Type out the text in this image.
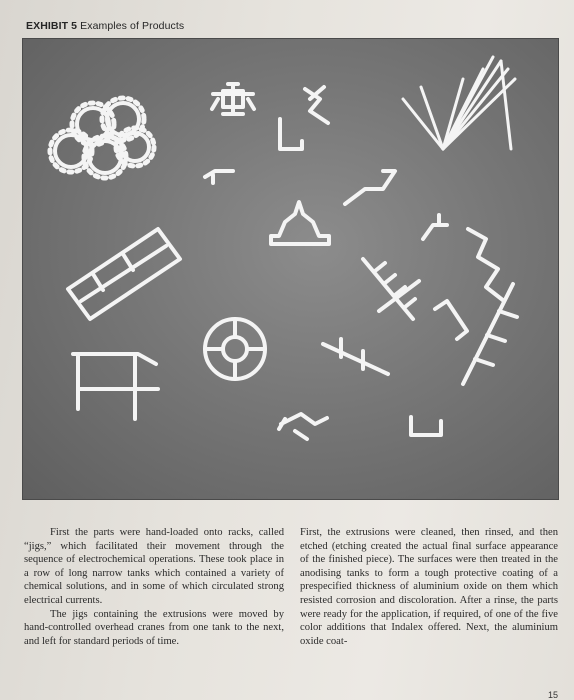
EXHIBIT 5 Examples of Products

First the parts were hand-loaded onto racks, called “jigs,” which facilitated their movement through the sequence of electrochemical operations. These took place in a row of long narrow tanks which contained a variety of chemical solutions, and in some of which circulated strong electrical currents.

The jigs containing the extrusions were moved by hand-controlled overhead cranes from one tank to the next, and left for standard periods of time.

First, the extrusions were cleaned, then rinsed, and then etched (etching created the actual final surface appearance of the finished piece). The surfaces were then treated in the anodising tanks to form a tough protective coating of a prespecified thickness of aluminium oxide on them which resisted corrosion and discoloration. After a rinse, the parts were ready for the application, if required, of one of the five color additions that Indalex offered. Next, the aluminium oxide coat-

15
